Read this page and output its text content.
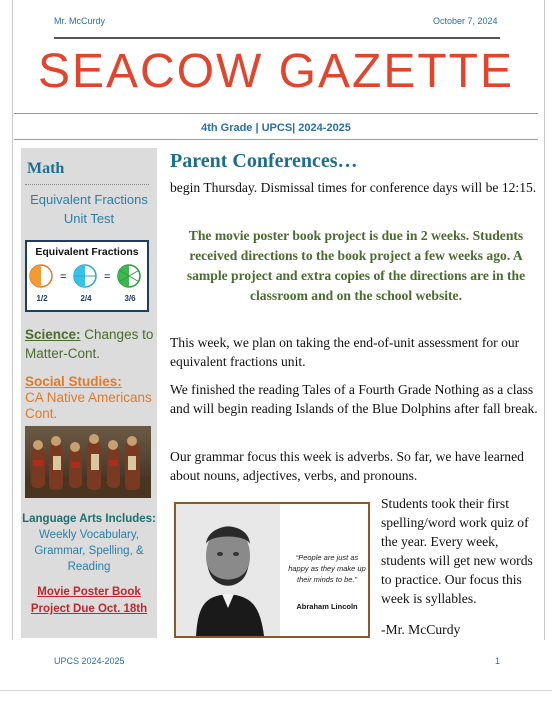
Mr. McCurdy	October 7, 2024
SEACOW GAZETTE
4th Grade | UPCS| 2024-2025
Math
Equivalent Fractions Unit Test
Equivalent Fractions
=	=
1/2	2/4	3/6
Science: Changes to Matter-Cont.
Social Studies:
CA Native Americans Cont.
Language Arts Includes: Weekly Vocabulary, Grammar, Spelling, & Reading
Movie Poster Book Project Due Oct. 18th
Parent Conferences…
begin Thursday. Dismissal times for conference days will be 12:15.
The movie poster book project is due in 2 weeks. Students received directions to the book project a few weeks ago. A sample project and extra copies of the directions are in the classroom and on the school website.
This week, we plan on taking the end-of-unit assessment for our equivalent fractions unit.
We finished the reading Tales of a Fourth Grade Nothing as a class and will begin reading Islands of the Blue Dolphins after fall break.
Our grammar focus this week is adverbs. So far, we have learned about nouns, adjectives, verbs, and pronouns.
“People are just as happy as they make up their minds to be.”
Abraham Lincoln
Students took their first spelling/word work quiz of the year. Every week, students will get new words to practice. Our focus this week is syllables.
-Mr. McCurdy
UPCS 2024-2025	1
